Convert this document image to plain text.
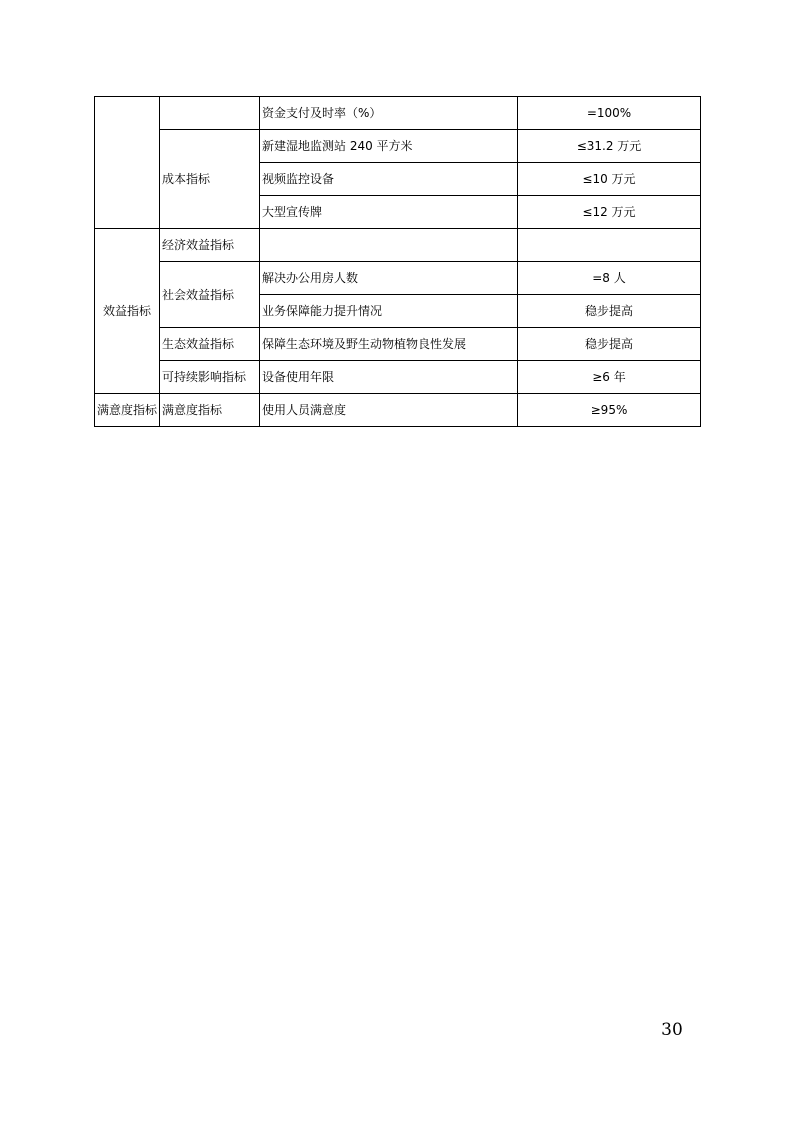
		资金支付及时率（%）	=100%
	成本指标	新建湿地监测站 240 平方米	≤31.2 万元
		视频监控设备	≤10 万元
		大型宣传牌	≤12 万元
效益指标	经济效益指标		
	社会效益指标	解决办公用房人数	=8 人
		业务保障能力提升情况	稳步提高
	生态效益指标	保障生态环境及野生动物植物良性发展	稳步提高
	可持续影响指标	设备使用年限	≥6 年
满意度指标	满意度指标	使用人员满意度	≥95%
30
